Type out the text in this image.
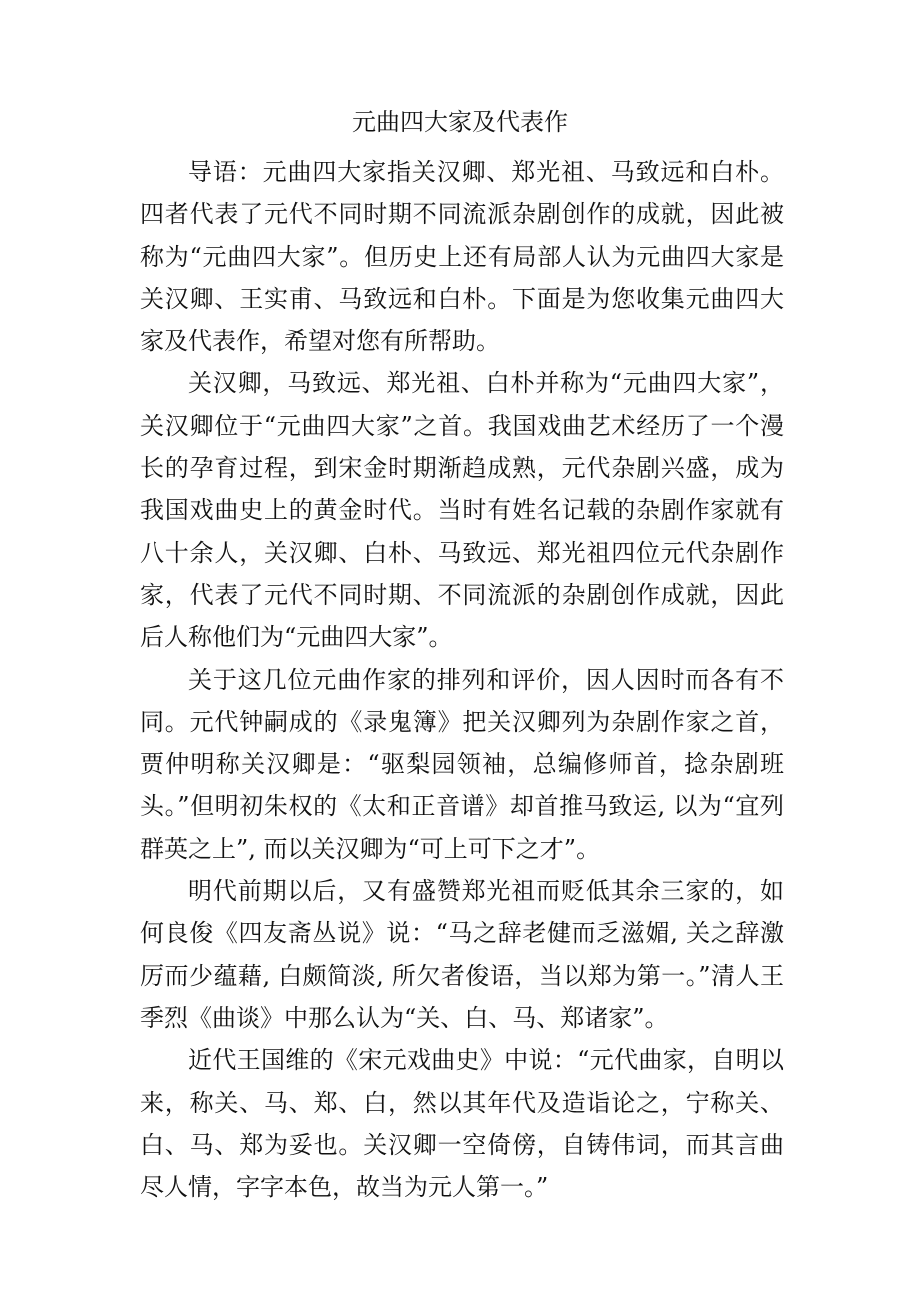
元曲四大家及代表作

导语：元曲四大家指关汉卿、郑光祖、马致远和白朴。四者代表了元代不同时期不同流派杂剧创作的成就，因此被称为“元曲四大家”。但历史上还有局部人认为元曲四大家是关汉卿、王实甫、马致远和白朴。下面是为您收集元曲四大家及代表作，希望对您有所帮助。

关汉卿，马致远、郑光祖、白朴并称为“元曲四大家”，关汉卿位于“元曲四大家”之首。我国戏曲艺术经历了一个漫长的孕育过程，到宋金时期渐趋成熟，元代杂剧兴盛，成为我国戏曲史上的黄金时代。当时有姓名记载的杂剧作家就有八十余人，关汉卿、白朴、马致远、郑光祖四位元代杂剧作家，代表了元代不同时期、不同流派的杂剧创作成就，因此后人称他们为“元曲四大家”。

关于这几位元曲作家的排列和评价，因人因时而各有不同。元代钟嗣成的《录鬼簿》把关汉卿列为杂剧作家之首，贾仲明称关汉卿是：“驱梨园领袖，总编修师首，捻杂剧班头。”但明初朱权的《太和正音谱》却首推马致运, 以为“宜列群英之上”, 而以关汉卿为“可上可下之才”。

明代前期以后，又有盛赞郑光祖而贬低其余三家的，如何良俊《四友斋丛说》说：“马之辞老健而乏滋媚, 关之辞激厉而少蕴藉, 白颇简淡, 所欠者俊语，当以郑为第一。”清人王季烈《曲谈》中那么认为“关、白、马、郑诸家”。

近代王国维的《宋元戏曲史》中说：“元代曲家，自明以来，称关、马、郑、白，然以其年代及造诣论之，宁称关、白、马、郑为妥也。关汉卿一空倚傍，自铸伟词，而其言曲尽人情，字字本色，故当为元人第一。”
